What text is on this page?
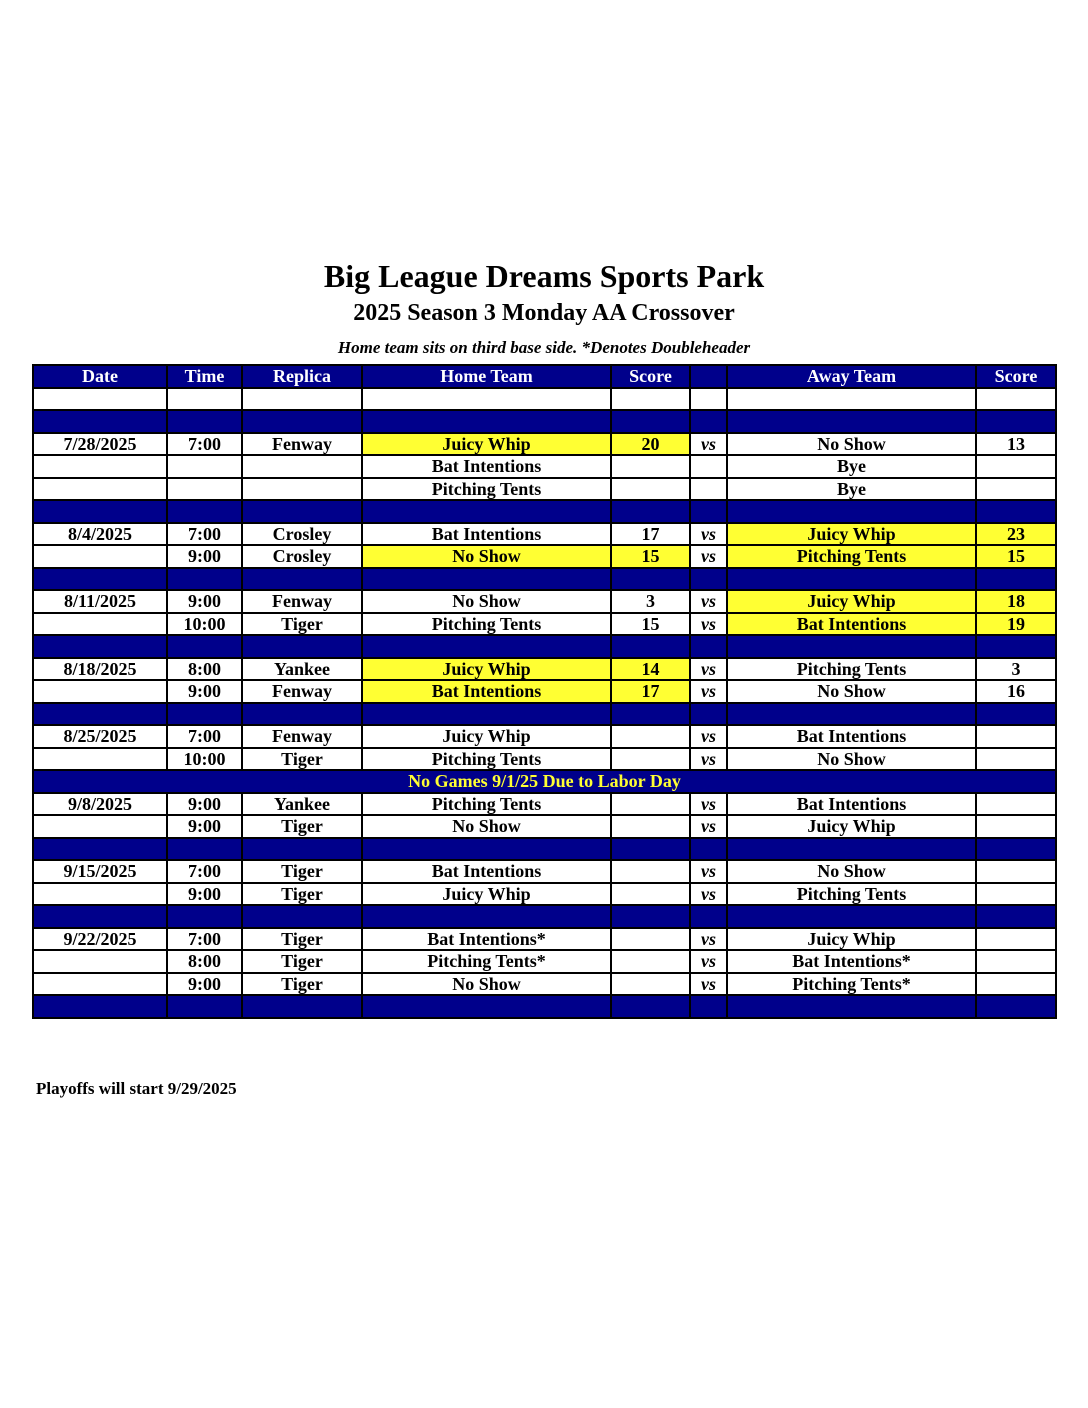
Big League Dreams Sports Park
2025 Season 3 Monday AA Crossover
Home team sits on third base side. *Denotes Doubleheader
Date	Time	Replica	Home Team	Score		Away Team	Score

7/28/2025	7:00	Fenway	Juicy Whip	20	vs	No Show	13
			Bat Intentions			Bye	
			Pitching Tents			Bye	

8/4/2025	7:00	Crosley	Bat Intentions	17	vs	Juicy Whip	23
	9:00	Crosley	No Show	15	vs	Pitching Tents	15

8/11/2025	9:00	Fenway	No Show	3	vs	Juicy Whip	18
	10:00	Tiger	Pitching Tents	15	vs	Bat Intentions	19

8/18/2025	8:00	Yankee	Juicy Whip	14	vs	Pitching Tents	3
	9:00	Fenway	Bat Intentions	17	vs	No Show	16

8/25/2025	7:00	Fenway	Juicy Whip		vs	Bat Intentions	
	10:00	Tiger	Pitching Tents		vs	No Show	
No Games 9/1/25 Due to Labor Day							
9/8/2025	9:00	Yankee	Pitching Tents		vs	Bat Intentions	
	9:00	Tiger	No Show		vs	Juicy Whip	

9/15/2025	7:00	Tiger	Bat Intentions		vs	No Show	
	9:00	Tiger	Juicy Whip		vs	Pitching Tents	

9/22/2025	7:00	Tiger	Bat Intentions*		vs	Juicy Whip	
	8:00	Tiger	Pitching Tents*		vs	Bat Intentions*	
	9:00	Tiger	No Show		vs	Pitching Tents*	

Playoffs will start 9/29/2025
